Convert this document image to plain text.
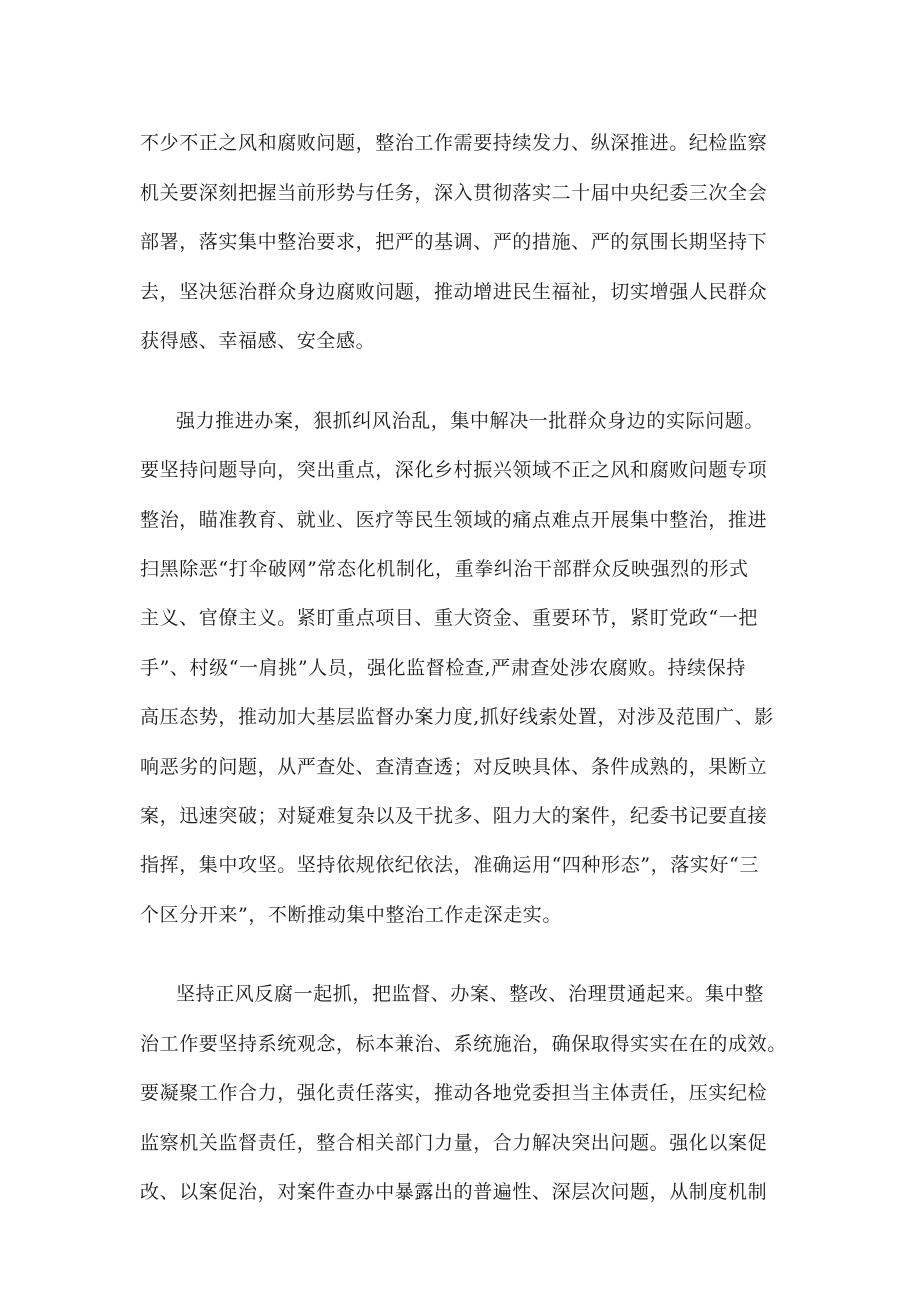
不少不正之风和腐败问题，整治工作需要持续发力、纵深推进。纪检监察
机关要深刻把握当前形势与任务，深入贯彻落实二十届中央纪委三次全会
部署，落实集中整治要求，把严的基调、严的措施、严的氛围长期坚持下
去，坚决惩治群众身边腐败问题，推动增进民生福祉，切实增强人民群众
获得感、幸福感、安全感。
强力推进办案，狠抓纠风治乱，集中解决一批群众身边的实际问题。
要坚持问题导向，突出重点，深化乡村振兴领域不正之风和腐败问题专项
整治，瞄准教育、就业、医疗等民生领域的痛点难点开展集中整治，推进
扫黑除恶“打伞破网”常态化机制化，重拳纠治干部群众反映强烈的形式
主义、官僚主义。紧盯重点项目、重大资金、重要环节，紧盯党政“一把
手”、村级“一肩挑”人员，强化监督检查,严肃查处涉农腐败。持续保持
高压态势，推动加大基层监督办案力度,抓好线索处置，对涉及范围广、影
响恶劣的问题，从严查处、查清查透；对反映具体、条件成熟的，果断立
案，迅速突破；对疑难复杂以及干扰多、阻力大的案件，纪委书记要直接
指挥，集中攻坚。坚持依规依纪依法，准确运用“四种形态”，落实好“三
个区分开来”，不断推动集中整治工作走深走实。
坚持正风反腐一起抓，把监督、办案、整改、治理贯通起来。集中整
治工作要坚持系统观念，标本兼治、系统施治，确保取得实实在在的成效。
要凝聚工作合力，强化责任落实，推动各地党委担当主体责任，压实纪检
监察机关监督责任，整合相关部门力量，合力解决突出问题。强化以案促
改、以案促治，对案件查办中暴露出的普遍性、深层次问题，从制度机制
